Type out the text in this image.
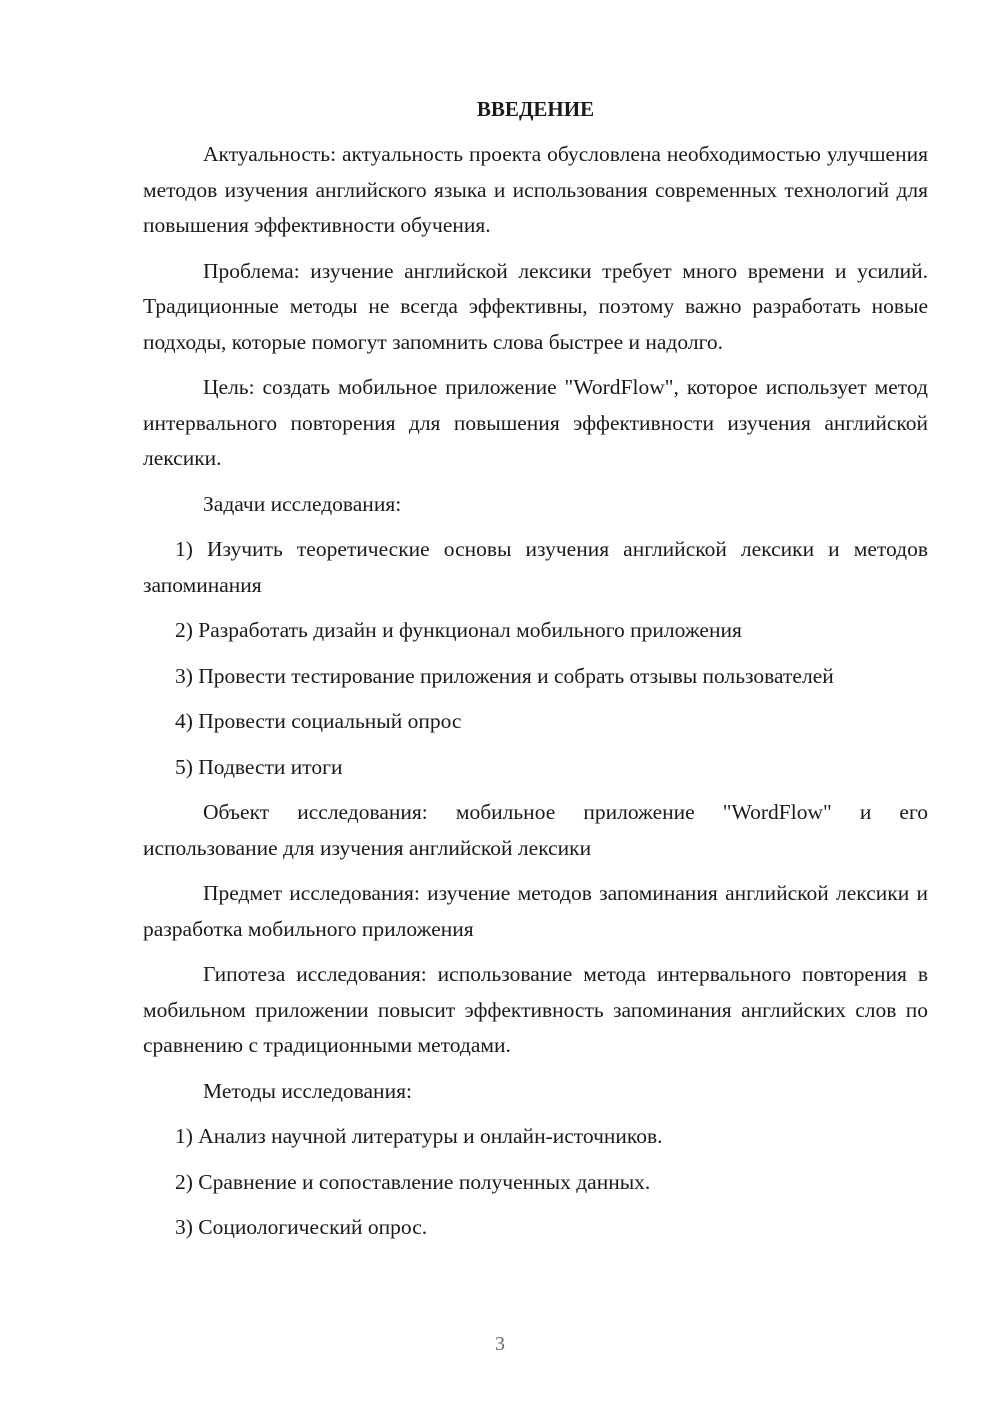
ВВЕДЕНИЕ

Актуальность: актуальность проекта обусловлена необходимостью улучшения методов изучения английского языка и использования современных технологий для повышения эффективности обучения.

Проблема: изучение английской лексики требует много времени и усилий. Традиционные методы не всегда эффективны, поэтому важно разработать новые подходы, которые помогут запомнить слова быстрее и надолго.

Цель: создать мобильное приложение "WordFlow", которое использует метод интервального повторения для повышения эффективности изучения английской лексики.

Задачи исследования:

1) Изучить теоретические основы изучения английской лексики и методов запоминания

2) Разработать дизайн и функционал мобильного приложения

3) Провести тестирование приложения и собрать отзывы пользователей

4) Провести социальный опрос

5) Подвести итоги

Объект исследования: мобильное приложение "WordFlow" и его использование для изучения английской лексики

Предмет исследования: изучение методов запоминания английской лексики и разработка мобильного приложения

Гипотеза исследования: использование метода интервального повторения в мобильном приложении повысит эффективность запоминания английских слов по сравнению с традиционными методами.

Методы исследования:

1) Анализ научной литературы и онлайн-источников.

2) Сравнение и сопоставление полученных данных.

3) Социологический опрос.

3
